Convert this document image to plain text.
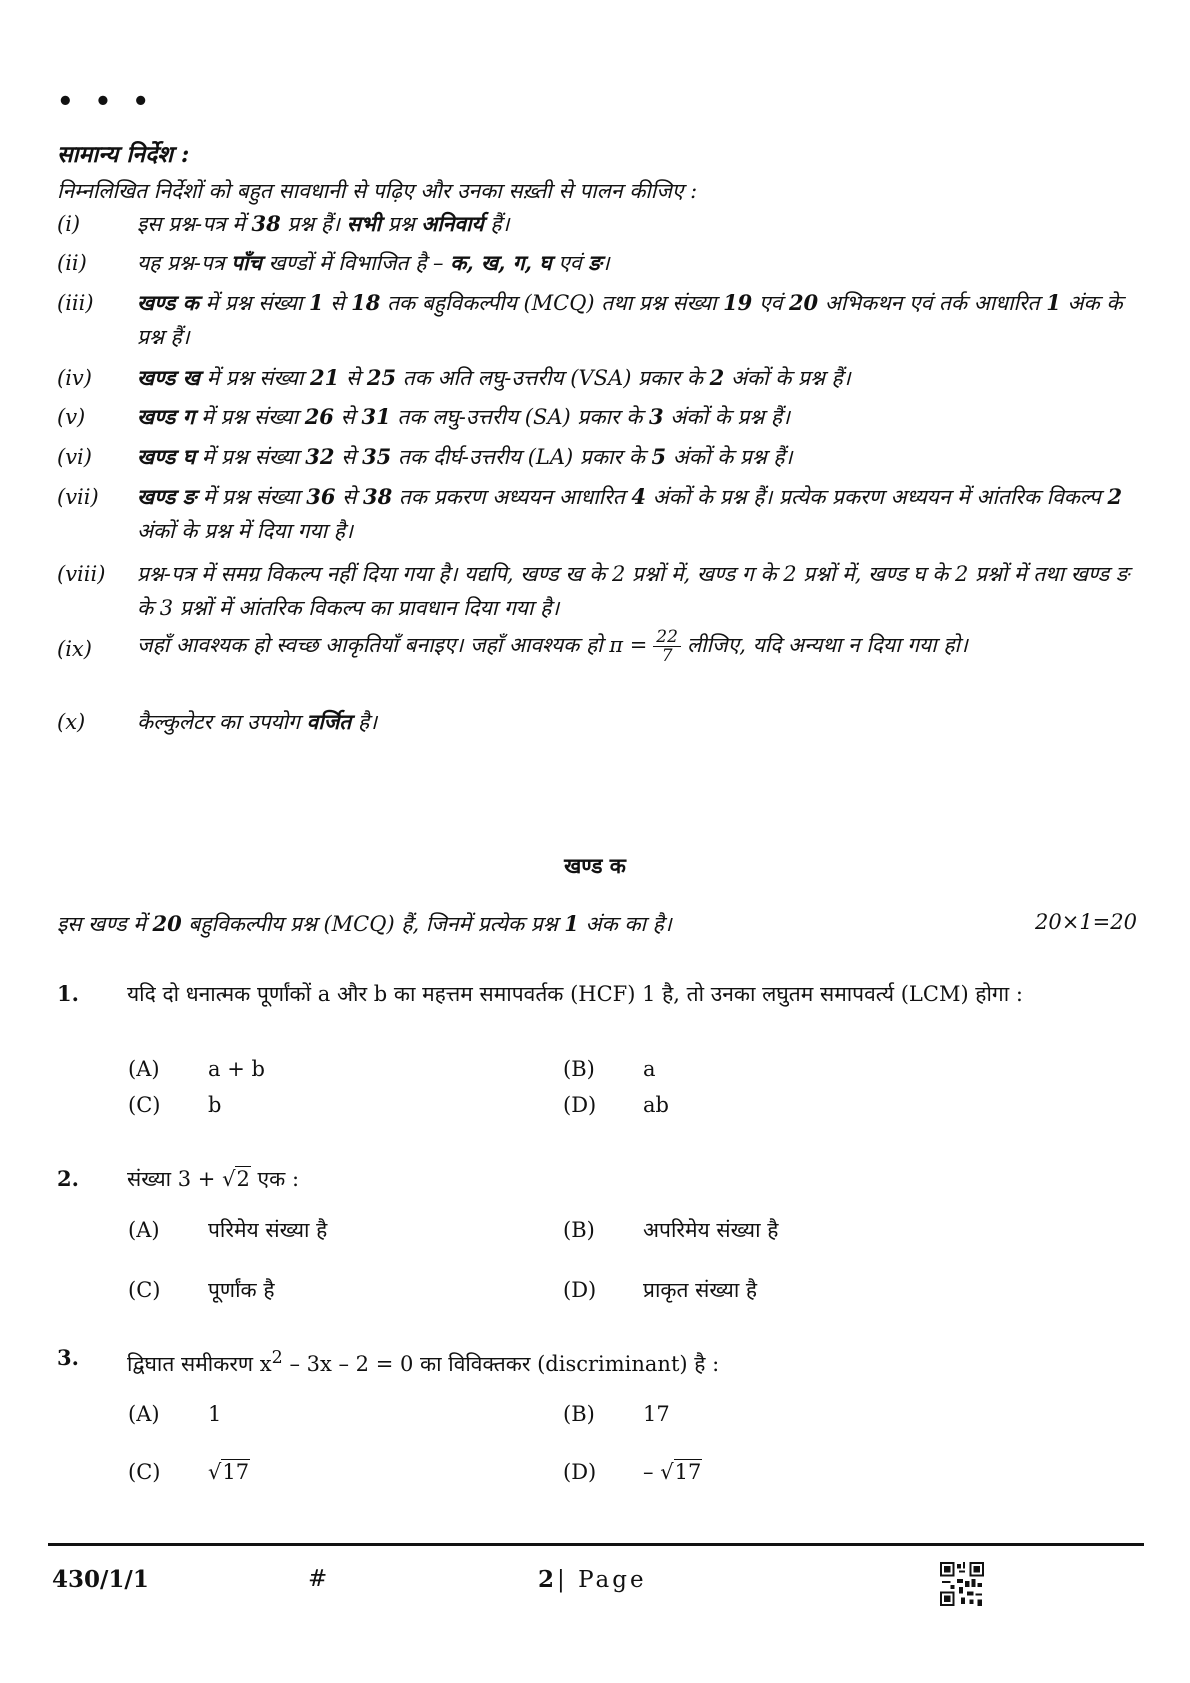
• • •
सामान्य निर्देश :
निम्नलिखित निर्देशों को बहुत सावधानी से पढ़िए और उनका सख़्ती से पालन कीजिए :
(i)	इस प्रश्न-पत्र में 38 प्रश्न हैं। सभी प्रश्न अनिवार्य हैं।
(ii)	यह प्रश्न-पत्र पाँच खण्डों में विभाजित है – क, ख, ग, घ एवं ङ।
(iii)	खण्ड क में प्रश्न संख्या 1 से 18 तक बहुविकल्पीय (MCQ) तथा प्रश्न संख्या 19 एवं 20 अभिकथन एवं तर्क आधारित 1 अंक के प्रश्न हैं।
(iv)	खण्ड ख में प्रश्न संख्या 21 से 25 तक अति लघु-उत्तरीय (VSA) प्रकार के 2 अंकों के प्रश्न हैं।
(v)	खण्ड ग में प्रश्न संख्या 26 से 31 तक लघु-उत्तरीय (SA) प्रकार के 3 अंकों के प्रश्न हैं।
(vi)	खण्ड घ में प्रश्न संख्या 32 से 35 तक दीर्घ-उत्तरीय (LA) प्रकार के 5 अंकों के प्रश्न हैं।
(vii)	खण्ड ङ में प्रश्न संख्या 36 से 38 तक प्रकरण अध्ययन आधारित 4 अंकों के प्रश्न हैं। प्रत्येक प्रकरण अध्ययन में आंतरिक विकल्प 2 अंकों के प्रश्न में दिया गया है।
(viii)	प्रश्न-पत्र में समग्र विकल्प नहीं दिया गया है। यद्यपि, खण्ड ख के 2 प्रश्नों में, खण्ड ग के 2 प्रश्नों में, खण्ड घ के 2 प्रश्नों में तथा खण्ड ङ के 3 प्रश्नों में आंतरिक विकल्प का प्रावधान दिया गया है।
(ix)	जहाँ आवश्यक हो स्वच्छ आकृतियाँ बनाइए। जहाँ आवश्यक हो $\pi = \frac{22}{7}$ लीजिए, यदि अन्यथा न दिया गया हो।
(x)	कैल्कुलेटर का उपयोग वर्जित है।
खण्ड क
इस खण्ड में 20 बहुविकल्पीय प्रश्न (MCQ) हैं, जिनमें प्रत्येक प्रश्न 1 अंक का है।	20×1=20
1. यदि दो धनात्मक पूर्णांकों a और b का महत्तम समापवर्तक (HCF) 1 है, तो उनका लघुतम समापवर्त्य (LCM) होगा :
(A) a + b	(B) a
(C) b	(D) ab
2. संख्या 3 + √2 एक :
(A) परिमेय संख्या है	(B) अपरिमेय संख्या है
(C) पूर्णांक है	(D) प्राकृत संख्या है
3. द्विघात समीकरण $x^2 - 3x - 2 = 0$ का विविक्तकर (discriminant) है :
(A) 1	(B) 17
(C) √17	(D) – √17
430/1/1	#	2| Page
